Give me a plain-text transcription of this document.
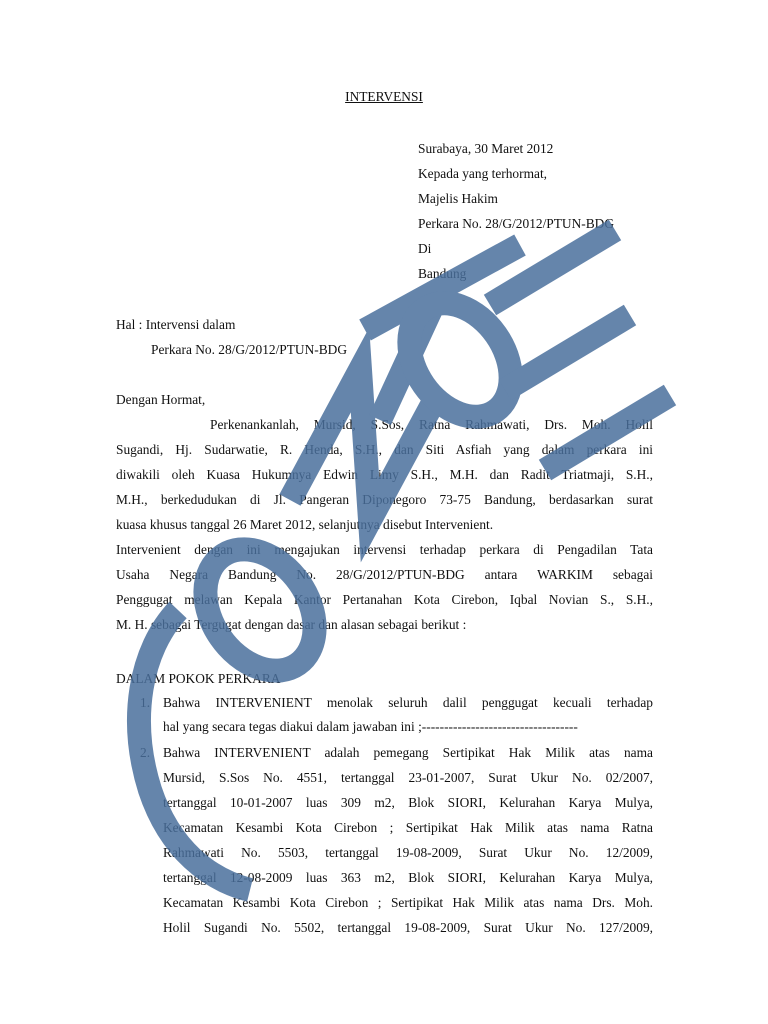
INTERVENSI
Surabaya, 30 Maret 2012
Kepada yang terhormat,
Majelis Hakim
Perkara No. 28/G/2012/PTUN-BDG
Di
Bandung
Hal : Intervensi dalam
Perkara No. 28/G/2012/PTUN-BDG
Dengan Hormat,
Perkenankanlah, Mursid, S.Sos, Ratna Rahmawati, Drs. Moh. Holil
Sugandi, Hj. Sudarwatie, R. Henda, S.H., dan Siti Asfiah yang dalam perkara ini
diwakili oleh Kuasa Hukumnya Edwin Limy S.H., M.H. dan Radit Triatmaji, S.H.,
M.H., berkedudukan di Jl. Pangeran Diponegoro 73-75 Bandung, berdasarkan surat
kuasa khusus tanggal 26 Maret 2012, selanjutnya disebut Intervenient.
Intervenient dengan ini mengajukan intervensi terhadap perkara di Pengadilan Tata
Usaha Negara Bandung No. 28/G/2012/PTUN-BDG antara WARKIM sebagai
Penggugat melawan Kepala Kantor Pertanahan Kota Cirebon, Iqbal Novian S., S.H.,
M. H. sebagai Tergugat dengan dasar dan alasan sebagai berikut :
DALAM POKOK PERKARA
1. Bahwa INTERVENIENT menolak seluruh dalil penggugat kecuali terhadap
hal yang secara tegas diakui dalam jawaban ini ;-----------------------------------
2. Bahwa INTERVENIENT adalah pemegang Sertipikat Hak Milik atas nama
Mursid, S.Sos No. 4551, tertanggal 23-01-2007, Surat Ukur No. 02/2007,
tertanggal 10-01-2007 luas 309 m2, Blok SIORI, Kelurahan Karya Mulya,
Kecamatan Kesambi Kota Cirebon ; Sertipikat Hak Milik atas nama Ratna
Rahmawati No. 5503, tertanggal 19-08-2009, Surat Ukur No. 12/2009,
tertanggal 12-08-2009 luas 363 m2, Blok SIORI, Kelurahan Karya Mulya,
Kecamatan Kesambi Kota Cirebon ; Sertipikat Hak Milik atas nama Drs. Moh.
Holil Sugandi No. 5502, tertanggal 19-08-2009, Surat Ukur No. 127/2009,
